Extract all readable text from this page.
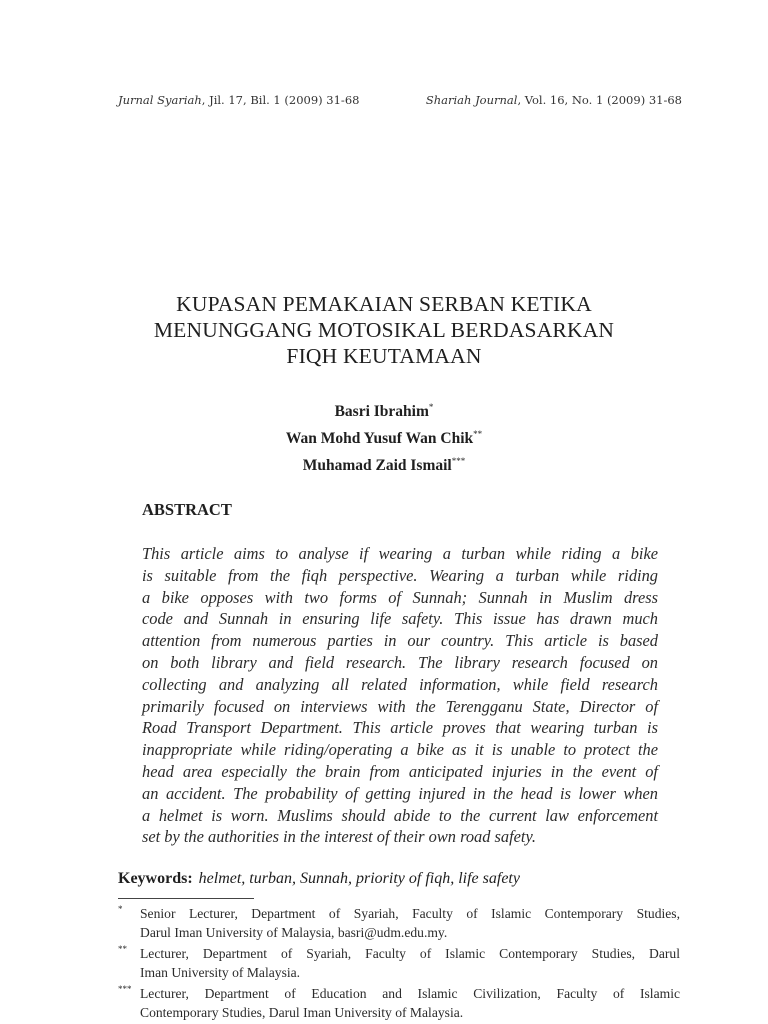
Jurnal Syariah, Jil. 17, Bil. 1 (2009) 31-68	Shariah Journal, Vol. 16, No. 1 (2009) 31-68
KUPASAN PEMAKAIAN SERBAN KETIKA
MENUNGGANG MOTOSIKAL BERDASARKAN
FIQH KEUTAMAAN
Basri Ibrahim*
Wan Mohd Yusuf Wan Chik**
Muhamad Zaid Ismail***
ABSTRACT
This article aims to analyse if wearing a turban while riding a bike
is suitable from the fiqh perspective. Wearing a turban while riding
a bike opposes with two forms of Sunnah; Sunnah in Muslim dress
code and Sunnah in ensuring life safety. This issue has drawn much
attention from numerous parties in our country. This article is based
on both library and field research. The library research focused on
collecting and analyzing all related information, while field research
primarily focused on interviews with the Terengganu State, Director of
Road Transport Department. This article proves that wearing turban is
inappropriate while riding/operating a bike as it is unable to protect the
head area especially the brain from anticipated injuries in the event of
an accident. The probability of getting injured in the head is lower when
a helmet is worn. Muslims should abide to the current law enforcement
set by the authorities in the interest of their own road safety.
Keywords: helmet, turban, Sunnah, priority of fiqh, life safety
* Senior Lecturer, Department of Syariah, Faculty of Islamic Contemporary Studies,
Darul Iman University of Malaysia, basri@udm.edu.my.
** Lecturer, Department of Syariah, Faculty of Islamic Contemporary Studies, Darul
Iman University of Malaysia.
*** Lecturer, Department of Education and Islamic Civilization, Faculty of Islamic
Contemporary Studies, Darul Iman University of Malaysia.
